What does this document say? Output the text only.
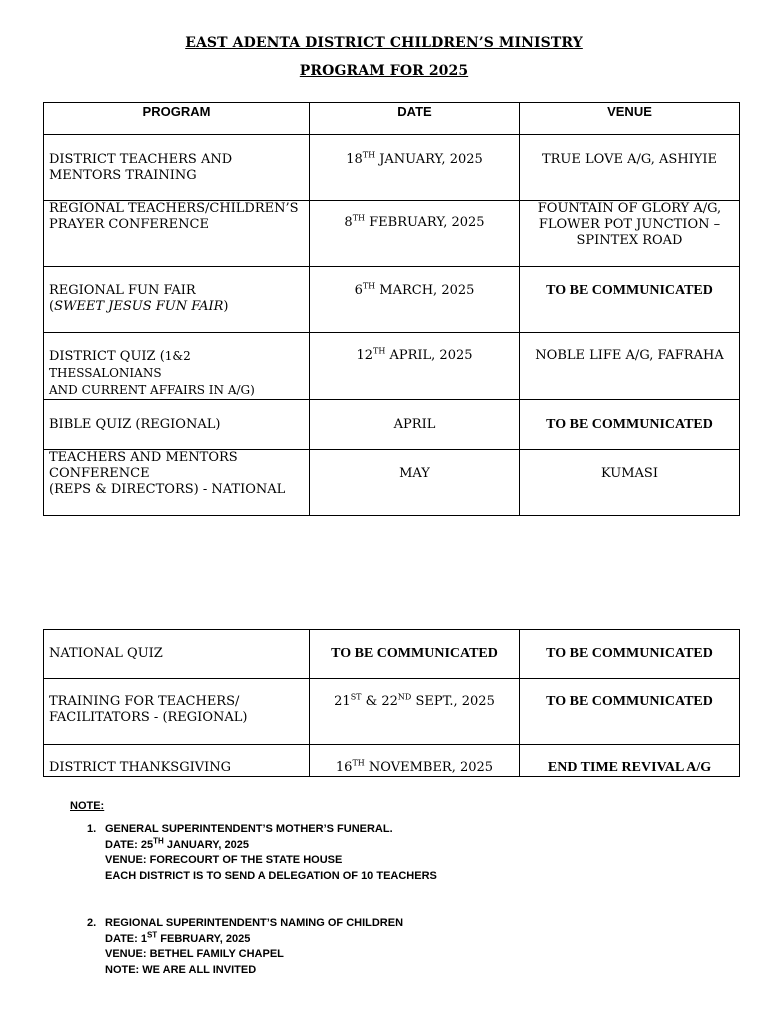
EAST ADENTA DISTRICT CHILDREN’S MINISTRY
PROGRAM FOR 2025
PROGRAM	DATE	VENUE
DISTRICT TEACHERS AND
MENTORS TRAINING	18TH JANUARY, 2025	TRUE LOVE A/G, ASHIYIE
REGIONAL TEACHERS/CHILDREN’S
PRAYER CONFERENCE	8TH FEBRUARY, 2025	FOUNTAIN OF GLORY A/G,
FLOWER POT JUNCTION –
SPINTEX ROAD
REGIONAL FUN FAIR
(SWEET JESUS FUN FAIR)	6TH MARCH, 2025	TO BE COMMUNICATED
DISTRICT QUIZ (1&2 THESSALONIANS
AND CURRENT AFFAIRS IN A/G)	12TH APRIL, 2025	NOBLE LIFE A/G, FAFRAHA
BIBLE QUIZ (REGIONAL)	APRIL	TO BE COMMUNICATED
TEACHERS AND MENTORS
CONFERENCE
(REPS & DIRECTORS) - NATIONAL	MAY	KUMASI
NATIONAL QUIZ	TO BE COMMUNICATED	TO BE COMMUNICATED
TRAINING FOR TEACHERS/
FACILITATORS - (REGIONAL)	21ST & 22ND SEPT., 2025	TO BE COMMUNICATED
DISTRICT THANKSGIVING	16TH NOVEMBER, 2025	END TIME REVIVAL A/G
NOTE:
1. GENERAL SUPERINTENDENT’S MOTHER’S FUNERAL.
DATE: 25TH JANUARY, 2025
VENUE: FORECOURT OF THE STATE HOUSE
EACH DISTRICT IS TO SEND A DELEGATION OF 10 TEACHERS
2. REGIONAL SUPERINTENDENT’S NAMING OF CHILDREN
DATE: 1ST FEBRUARY, 2025
VENUE: BETHEL FAMILY CHAPEL
NOTE: WE ARE ALL INVITED
